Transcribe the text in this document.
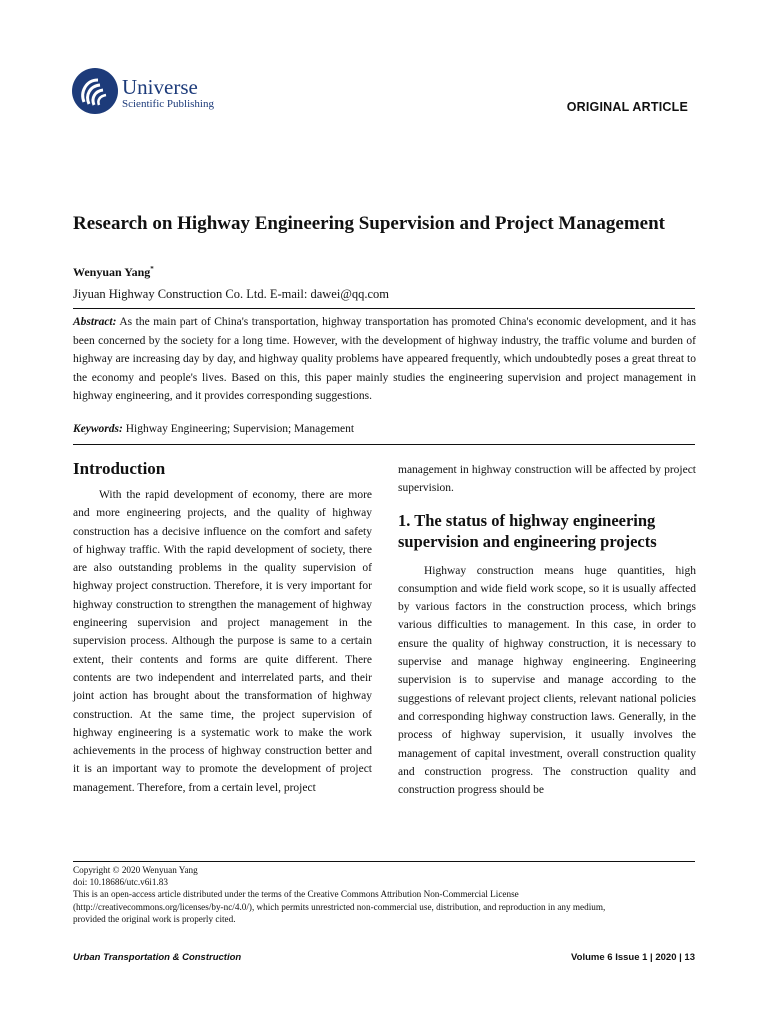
Universe
Scientific Publishing	ORIGINAL ARTICLE
Research on Highway Engineering Supervision and Project Management
Wenyuan Yang*
Jiyuan Highway Construction Co. Ltd. E-mail: dawei@qq.com
Abstract: As the main part of China's transportation, highway transportation has promoted China's economic development, and it has been concerned by the society for a long time. However, with the development of highway industry, the traffic volume and burden of highway are increasing day by day, and highway quality problems have appeared frequently, which undoubtedly poses a great threat to the economy and people's lives. Based on this, this paper mainly studies the engineering supervision and project management in highway engineering, and it provides corresponding suggestions.
Keywords: Highway Engineering; Supervision; Management
Introduction

With the rapid development of economy, there are more and more engineering projects, and the quality of highway construction has a decisive influence on the comfort and safety of highway traffic. With the rapid development of society, there are also outstanding problems in the quality supervision of highway project construction. Therefore, it is very important for highway construction to strengthen the management of highway engineering supervision and project management in the supervision process. Although the purpose is same to a certain extent, their contents and forms are quite different. There contents are two independent and interrelated parts, and their joint action has brought about the transformation of highway construction. At the same time, the project supervision of highway engineering is a systematic work to make the work achievements in the process of highway construction better and it is an important way to promote the development of project management. Therefore, from a certain level, project

management in highway construction will be affected by project supervision.

1. The status of highway engineering supervision and engineering projects

Highway construction means huge quantities, high consumption and wide field work scope, so it is usually affected by various factors in the construction process, which brings various difficulties to management. In this case, in order to ensure the quality of highway construction, it is necessary to supervise and manage highway engineering. Engineering supervision is to supervise and manage according to the suggestions of relevant project clients, relevant national policies and corresponding highway construction laws. Generally, in the process of highway supervision, it usually involves the management of capital investment, overall construction quality and construction progress. The construction quality and construction progress should be

Copyright © 2020 Wenyuan Yang
doi: 10.18686/utc.v6i1.83
This is an open-access article distributed under the terms of the Creative Commons Attribution Non-Commercial License
(http://creativecommons.org/licenses/by-nc/4.0/), which permits unrestricted non-commercial use, distribution, and reproduction in any medium,
provided the original work is properly cited.
Urban Transportation & Construction	Volume 6 Issue 1 | 2020 | 13
